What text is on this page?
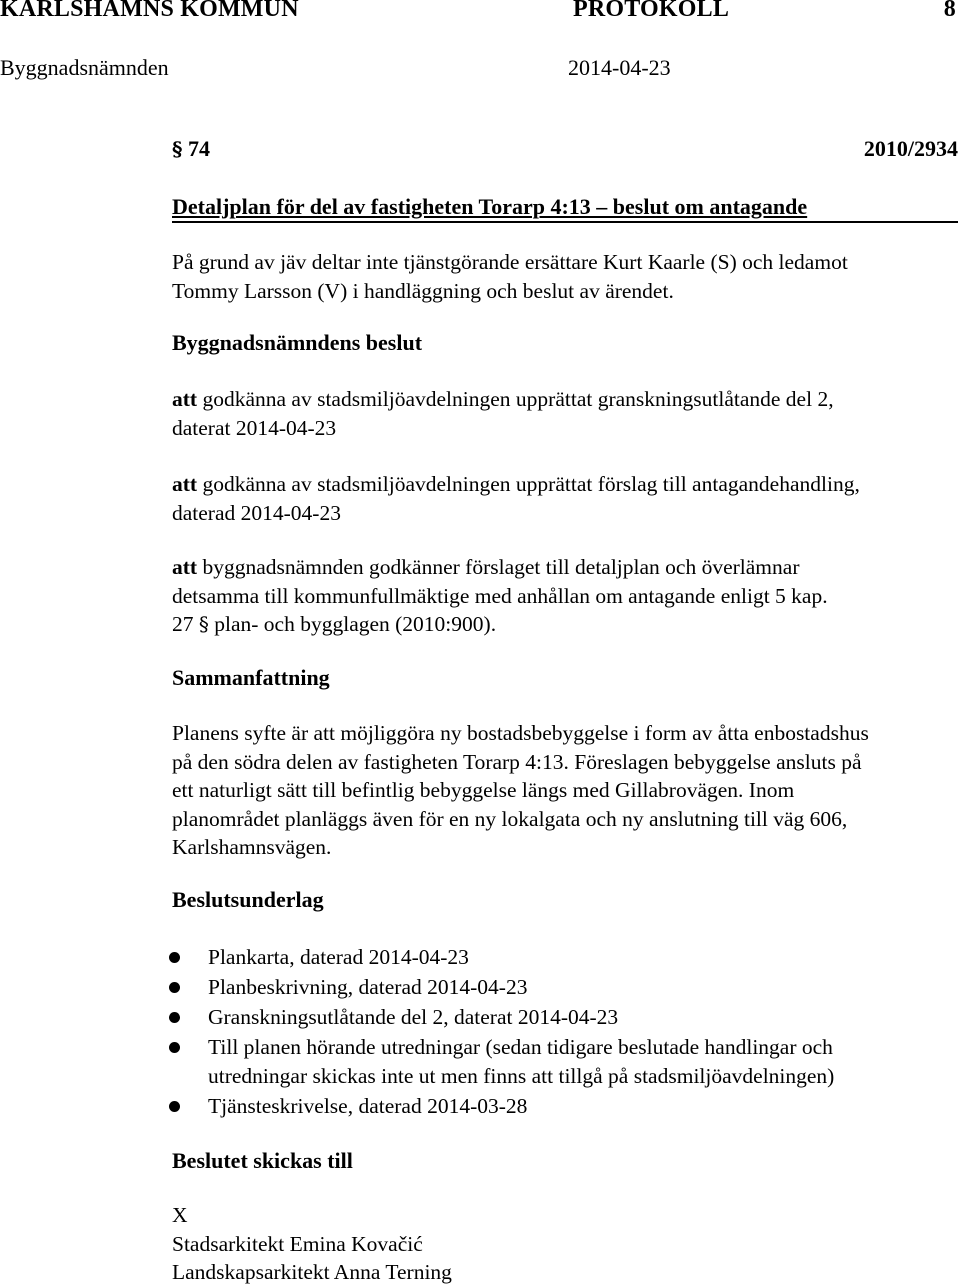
KARLSHAMNS KOMMUN	PROTOKOLL	8
Byggnadsnämnden	2014-04-23
§ 74	2010/2934
Detaljplan för del av fastigheten Torarp 4:13 – beslut om antagande
På grund av jäv deltar inte tjänstgörande ersättare Kurt Kaarle (S) och ledamot
Tommy Larsson (V) i handläggning och beslut av ärendet.
Byggnadsnämndens beslut
att godkänna av stadsmiljöavdelningen upprättat granskningsutlåtande del 2,
daterat 2014-04-23
att godkänna av stadsmiljöavdelningen upprättat förslag till antagandehandling,
daterad 2014-04-23
att byggnadsnämnden godkänner förslaget till detaljplan och överlämnar
detsamma till kommunfullmäktige med anhållan om antagande enligt 5 kap.
27 § plan- och bygglagen (2010:900).
Sammanfattning
Planens syfte är att möjliggöra ny bostadsbebyggelse i form av åtta enbostadshus
på den södra delen av fastigheten Torarp 4:13. Föreslagen bebyggelse ansluts på
ett naturligt sätt till befintlig bebyggelse längs med Gillabrovägen. Inom
planområdet planläggs även för en ny lokalgata och ny anslutning till väg 606,
Karlshamnsvägen.
Beslutsunderlag
Plankarta, daterad 2014-04-23
Planbeskrivning, daterad 2014-04-23
Granskningsutlåtande del 2, daterat 2014-04-23
Till planen hörande utredningar (sedan tidigare beslutade handlingar och
utredningar skickas inte ut men finns att tillgå på stadsmiljöavdelningen)
Tjänsteskrivelse, daterad 2014-03-28
Beslutet skickas till
X
Stadsarkitekt Emina Kovačić
Landskapsarkitekt Anna Terning
